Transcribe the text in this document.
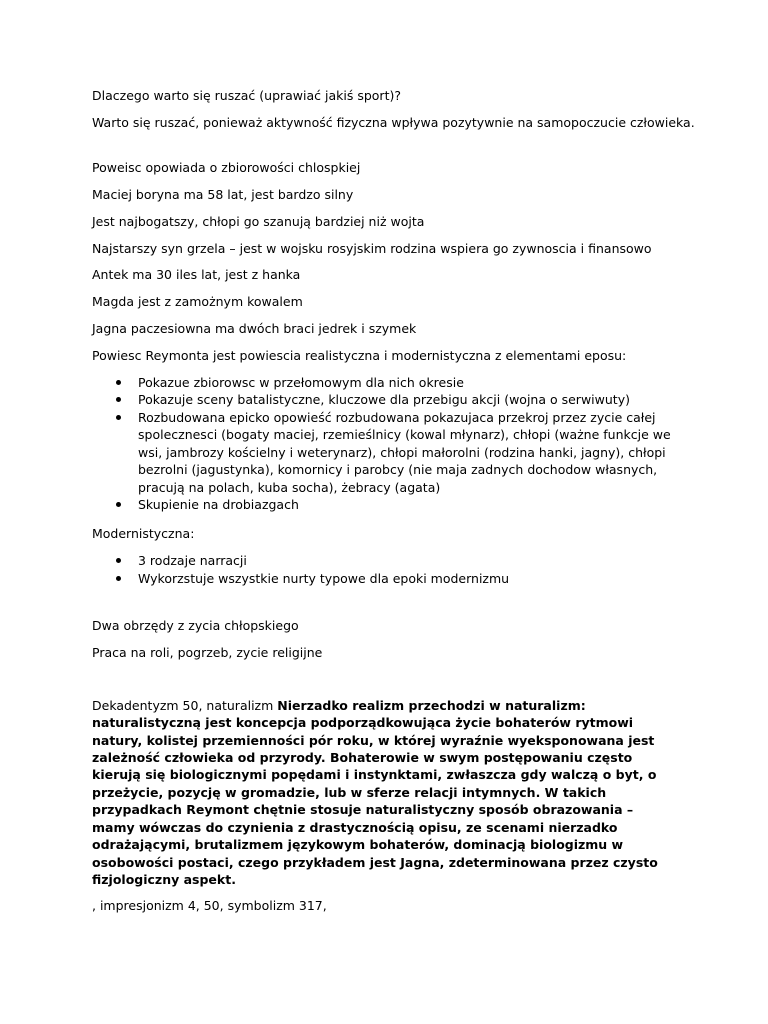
Dlaczego warto się ruszać (uprawiać jakiś sport)?

Warto się ruszać, ponieważ aktywność fizyczna wpływa pozytywnie na samopoczucie człowieka.

Poweisc opowiada o zbiorowości chlospkiej

Maciej boryna ma 58 lat, jest bardzo silny

Jest najbogatszy, chłopi go szanują bardziej niż wojta

Najstarszy syn grzela – jest w wojsku rosyjskim rodzina wspiera go zywnoscia i finansowo

Antek ma 30 iles lat, jest z hanka

Magda jest z zamożnym kowalem

Jagna paczesiowna ma dwóch braci jedrek i szymek

Powiesc Reymonta jest powiescia realistyczna i modernistyczna z elementami eposu:

Pokazue zbiorowsc w przełomowym dla nich okresie
Pokazuje sceny batalistyczne, kluczowe dla przebigu akcji (wojna o serwiwuty)
Rozbudowana epicko opowieść rozbudowana pokazujaca przekroj przez zycie całej spolecznesci (bogaty maciej, rzemieślnicy (kowal młynarz), chłopi (ważne funkcje we wsi, jambrozy kościelny i weterynarz), chłopi małorolni (rodzina hanki, jagny), chłopi bezrolni (jagustynka), komornicy i parobcy (nie maja zadnych dochodow własnych, pracują na polach, kuba socha), żebracy (agata)
Skupienie na drobiazgach

Modernistyczna:

3 rodzaje narracji
Wykorzstuje wszystkie nurty typowe dla epoki modernizmu

Dwa obrzędy z zycia chłopskiego

Praca na roli, pogrzeb, zycie religijne

Dekadentyzm 50, naturalizm Nierzadko realizm przechodzi w naturalizm: naturalistyczną jest koncepcja podporządkowująca życie bohaterów rytmowi natury, kolistej przemienności pór roku, w której wyraźnie wyeksponowana jest zależność człowieka od przyrody. Bohaterowie w swym postępowaniu często kierują się biologicznymi popędami i instynktami, zwłaszcza gdy walczą o byt, o przeżycie, pozycję w gromadzie, lub w sferze relacji intymnych. W takich przypadkach Reymont chętnie stosuje naturalistyczny sposób obrazowania – mamy wówczas do czynienia z drastycznością opisu, ze scenami nierzadko odrażającymi, brutalizmem językowym bohaterów, dominacją biologizmu w osobowości postaci, czego przykładem jest Jagna, zdeterminowana przez czysto fizjologiczny aspekt.

, impresjonizm 4, 50, symbolizm 317,
